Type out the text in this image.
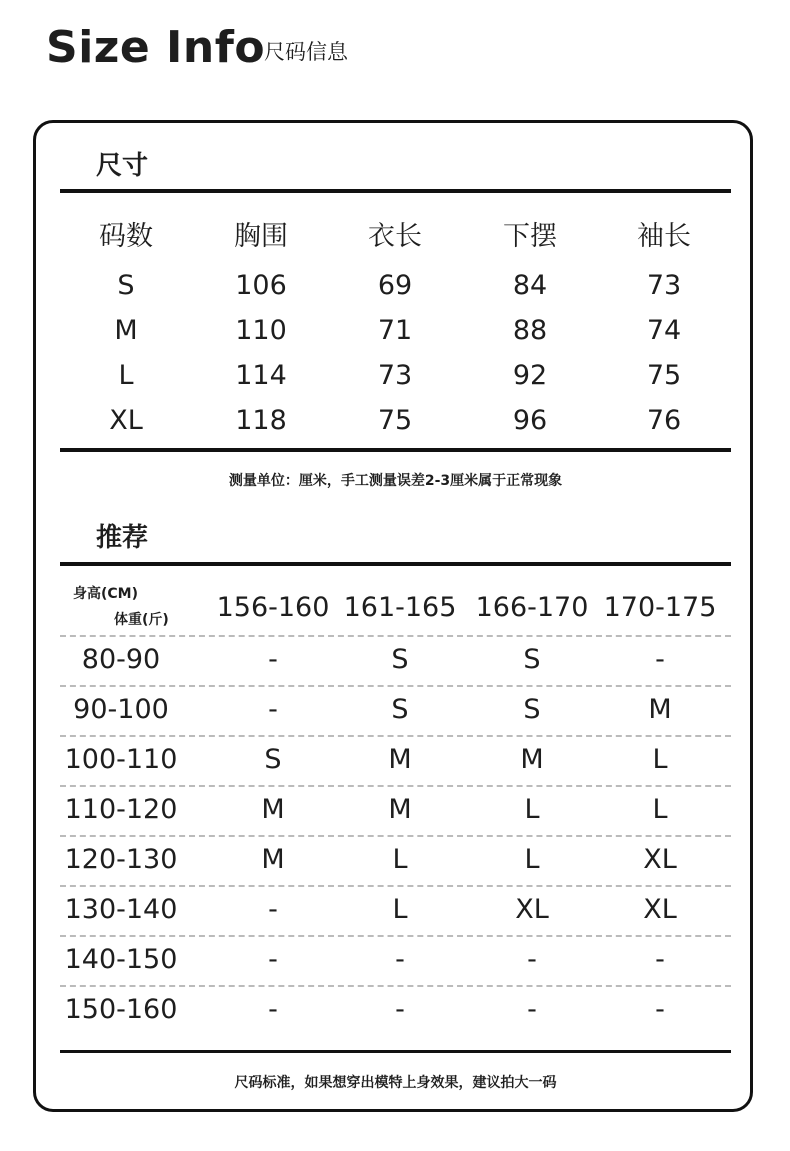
Size Info
尺码信息
尺寸
码数	胸围	衣长	下摆	袖长
S	106	69	84	73
M	110	71	88	74
L	114	73	92	75
XL	118	75	96	76
测量单位：厘米，手工测量误差2-3厘米属于正常现象
推荐
身高(CM)
体重(斤)	156-160 161-165 166-170 170-175
80-90	-	S	S	-
90-100	-	S	S	M
100-110	S	M	M	L
110-120	M	M	L	L
120-130	M	L	L	XL
130-140	-	L	XL	XL
140-150	-	-	-	-
150-160	-	-	-	-
尺码标准，如果想穿出模特上身效果，建议拍大一码
